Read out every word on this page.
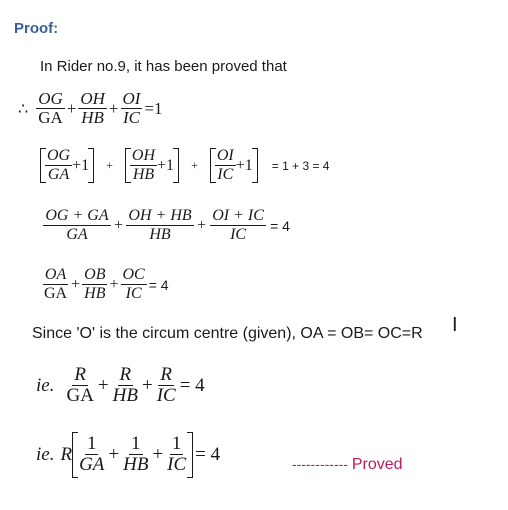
Proof:
In Rider no.9, it has been proved that
∴ $\frac{OG}{GA} + \frac{OH}{HB} + \frac{OI}{IC} =1$
$\frac{OG}{GA} +1 + \frac{OH}{HB} +1 + \frac{OI}{IC} +1 = 1 + 3 = 4$
$\frac{OG + GA}{GA} + \frac{OH + HB}{HB} + \frac{OI + IC}{IC} = 4$
$\frac{OA}{GA} + \frac{OB}{HB} + \frac{OC}{IC} = 4$
Since 'O' is the circum centre (given), OA = OB= OC=R I
ie. $\frac{R}{GA} + \frac{R}{HB} + \frac{R}{IC} = 4$
ie. R $\frac{1}{GA} + \frac{1}{HB} + \frac{1}{IC} = 4$	------------ Proved
